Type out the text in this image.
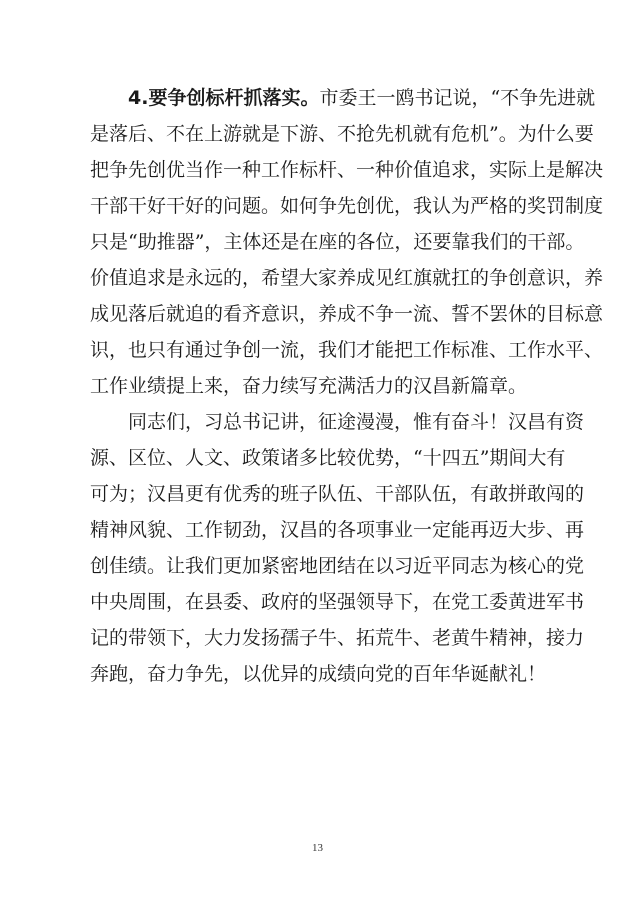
4.要争创标杆抓落实。市委王一鸥书记说，“不争先进就
是落后、不在上游就是下游、不抢先机就有危机”。为什么要
把争先创优当作一种工作标杆、一种价值追求，实际上是解决
干部干好干好的问题。如何争先创优，我认为严格的奖罚制度
只是“助推器”，主体还是在座的各位，还要靠我们的干部。
价值追求是永远的，希望大家养成见红旗就扛的争创意识，养
成见落后就追的看齐意识，养成不争一流、誓不罢休的目标意
识，也只有通过争创一流，我们才能把工作标准、工作水平、
工作业绩提上来，奋力续写充满活力的汉昌新篇章。
同志们，习总书记讲，征途漫漫，惟有奋斗！汉昌有资
源、区位、人文、政策诸多比较优势，“十四五”期间大有
可为；汉昌更有优秀的班子队伍、干部队伍，有敢拼敢闯的
精神风貌、工作韧劲，汉昌的各项事业一定能再迈大步、再
创佳绩。让我们更加紧密地团结在以习近平同志为核心的党
中央周围，在县委、政府的坚强领导下，在党工委黄进军书
记的带领下，大力发扬孺子牛、拓荒牛、老黄牛精神，接力
奔跑，奋力争先，以优异的成绩向党的百年华诞献礼！
13
